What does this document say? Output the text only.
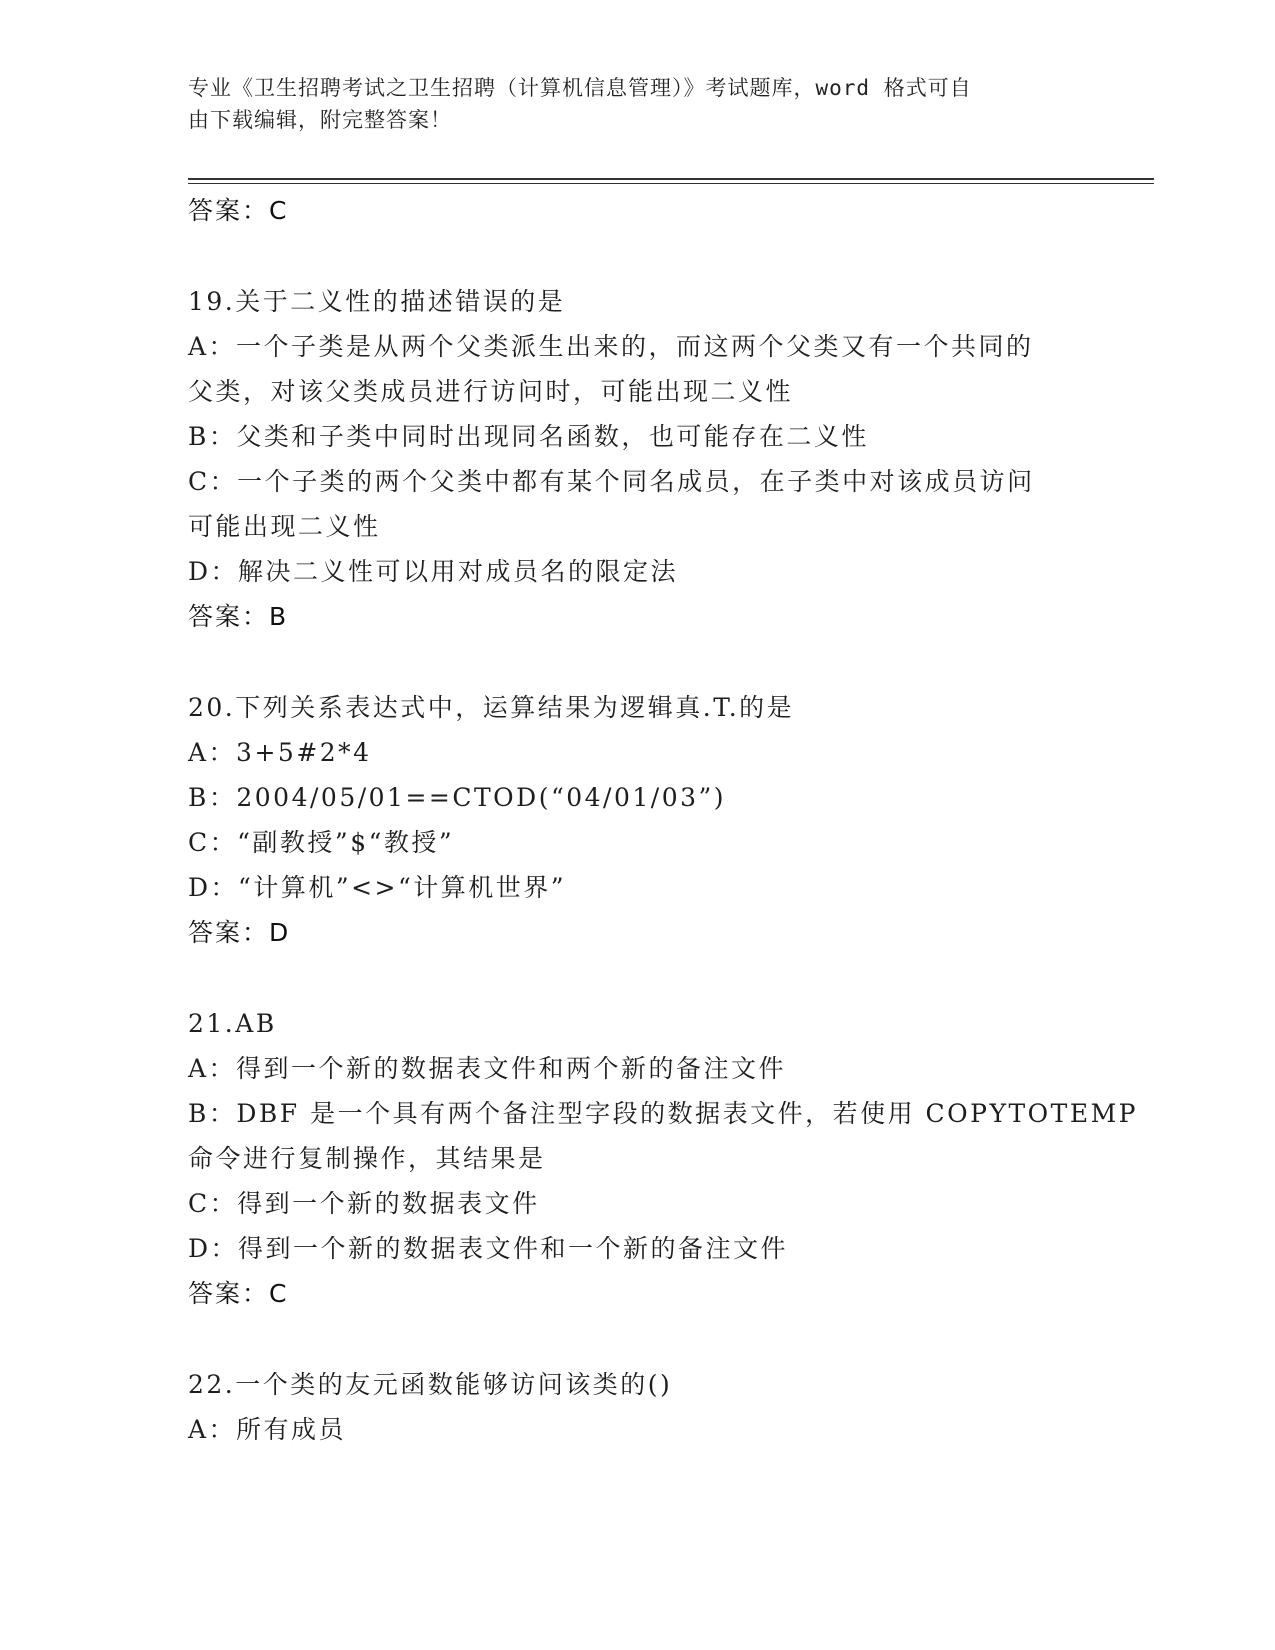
专业《卫生招聘考试之卫生招聘（计算机信息管理）》考试题库，word 格式可自
由下载编辑，附完整答案！
答案：C
19.关于二义性的描述错误的是
A：一个子类是从两个父类派生出来的，而这两个父类又有一个共同的
父类，对该父类成员进行访问时，可能出现二义性
B：父类和子类中同时出现同名函数，也可能存在二义性
C：一个子类的两个父类中都有某个同名成员，在子类中对该成员访问
可能出现二义性
D：解决二义性可以用对成员名的限定法
答案：B
20.下列关系表达式中，运算结果为逻辑真.T.的是
A：3+5#2*4
B：2004/05/01==CTOD(“04/01/03”)
C：“副教授”$“教授”
D：“计算机”<>“计算机世界”
答案：D
21.AB
A：得到一个新的数据表文件和两个新的备注文件
B：DBF 是一个具有两个备注型字段的数据表文件，若使用 COPYTOTEMP
命令进行复制操作，其结果是
C：得到一个新的数据表文件
D：得到一个新的数据表文件和一个新的备注文件
答案：C
22.一个类的友元函数能够访问该类的()
A：所有成员
